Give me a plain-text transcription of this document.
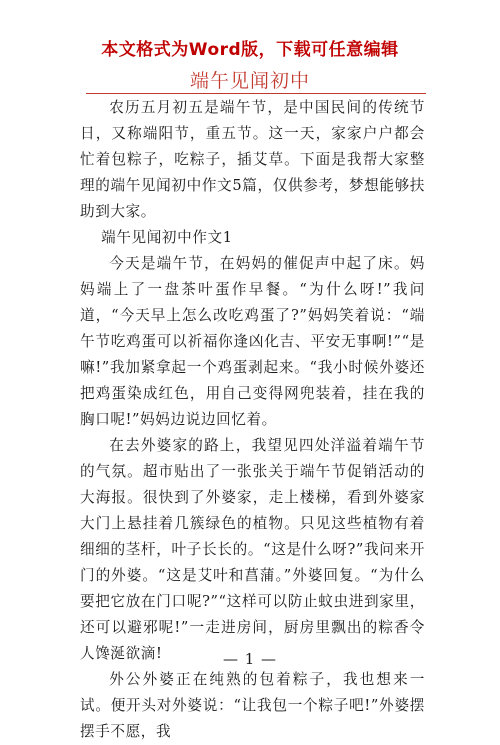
本文格式为Word版，下载可任意编辑
端午见闻初中

农历五月初五是端午节，是中国民间的传统节日，又称端阳节，重五节。这一天，家家户户都会忙着包粽子，吃粽子，插艾草。下面是我帮大家整理的端午见闻初中作文5篇，仅供参考，梦想能够扶助到大家。

端午见闻初中作文1

今天是端午节，在妈妈的催促声中起了床。妈妈端上了一盘茶叶蛋作早餐。“为什么呀!”我问道，“今天早上怎么改吃鸡蛋了?”妈妈笑着说：“端午节吃鸡蛋可以祈福你逢凶化吉、平安无事啊!”“是嘛!”我加紧拿起一个鸡蛋剥起来。“我小时候外婆还把鸡蛋染成红色，用自己变得网兜装着，挂在我的胸口呢!”妈妈边说边回忆着。

在去外婆家的路上，我望见四处洋溢着端午节的气氛。超市贴出了一张张关于端午节促销活动的大海报。很快到了外婆家，走上楼梯，看到外婆家大门上悬挂着几簇绿色的植物。只见这些植物有着细细的茎杆，叶子长长的。“这是什么呀?”我问来开门的外婆。“这是艾叶和菖蒲。”外婆回复。“为什么要把它放在门口呢?”“这样可以防止蚊虫进到家里，还可以避邪呢!”一走进房间，厨房里飘出的粽香令人馋涎欲滴!

外公外婆正在纯熟的包着粽子，我也想来一试。便开头对外婆说：“让我包一个粽子吧!”外婆摆摆手不愿，我

— 1 —
